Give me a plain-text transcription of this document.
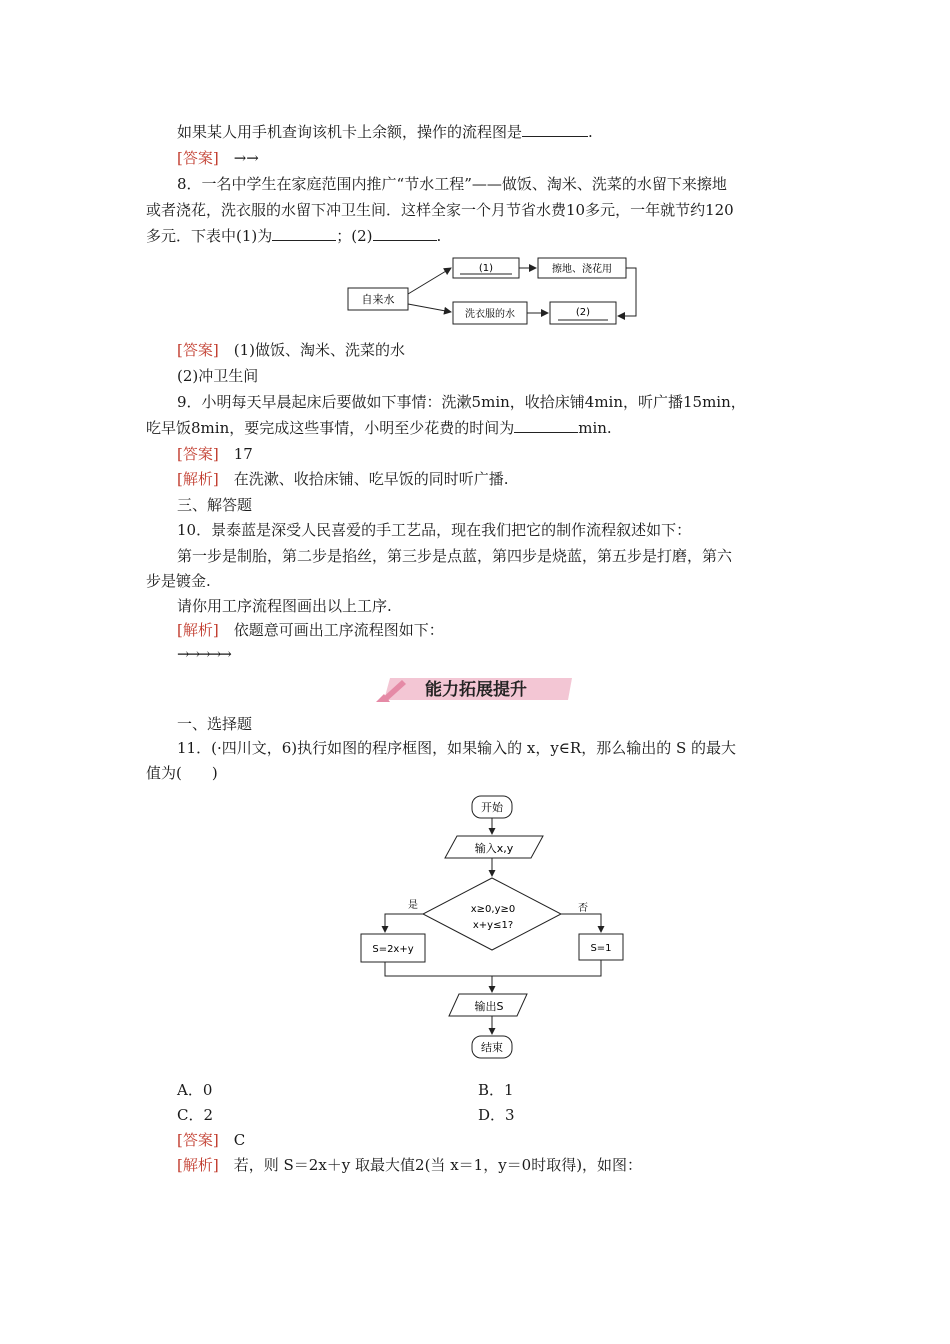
如果某人用手机查询该机卡上余额，操作的流程图是	.
[答案]　 →→
8．一名中学生在家庭范围内推广“节水工程”——做饭、淘米、洗菜的水留下来擦地
或者浇花，洗衣服的水留下冲卫生间．这样全家一个月节省水费10多元，一年就节约120
多元．下表中(1)为	；(2)	.
自来水
(1)	擦地、浇花用
洗衣服的水	(2)
[答案]　 (1)做饭、淘米、洗菜的水
(2)冲卫生间
9．小明每天早晨起床后要做如下事情：洗漱5min，收拾床铺4min，听广播15min，
吃早饭8min，要完成这些事情，小明至少花费的时间为	min.
[答案]　 17
[解析]　 在洗漱、收拾床铺、吃早饭的同时听广播.
三、解答题
10．景泰蓝是深受人民喜爱的手工艺品，现在我们把它的制作流程叙述如下：
第一步是制胎，第二步是掐丝，第三步是点蓝，第四步是烧蓝，第五步是打磨，第六
步是镀金.
请你用工序流程图画出以上工序.
[解析]　 依题意可画出工序流程图如下：
→→→→→
能力拓展提升
一、选择题
11．(·四川文，6)执行如图的程序框图，如果输入的 x，y∈R，那么输出的 S 的最大
值为(　　)
开始
输入x,y
x≥0,y≥0
x+y≤1?
是	否
S=2x+y	S=1
输出S
结束
A．0	B．1
C．2	D．3
[答案]　 C
[解析]　 若，则 S＝2x＋y 取最大值2(当 x＝1，y＝0时取得)，如图：
